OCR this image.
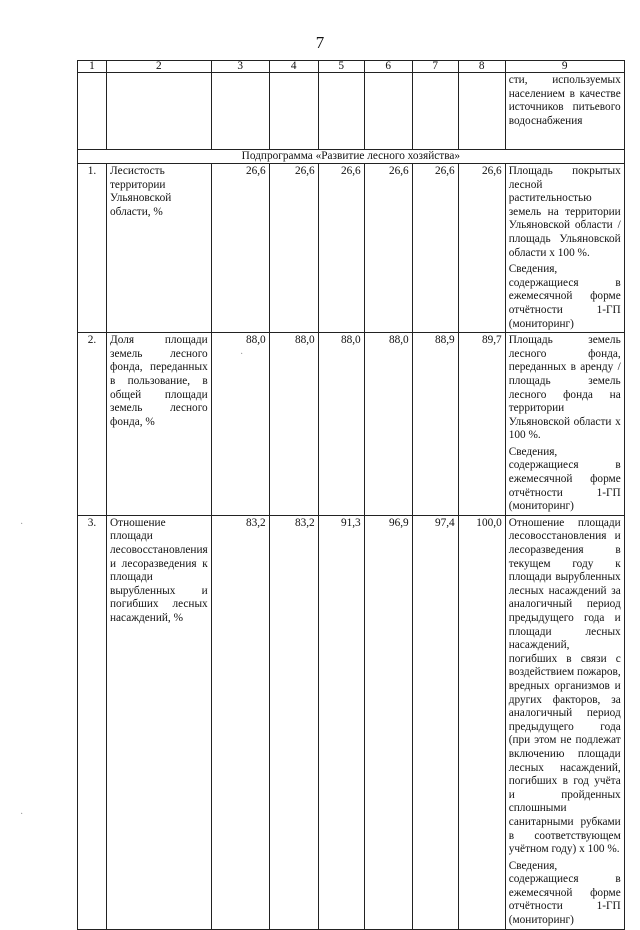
7
1	2	3	4	5	6	7	8	9
								сти, используемых населением в качестве источников питьевого водоснабжения
Подпрограмма «Развитие лесного хозяйства»								
1.	Лесистость территории Ульяновской области, %	26,6	26,6	26,6	26,6	26,6	26,6	Площадь покрытых лесной растительностью земель на территории Ульяновской области / площадь Ульяновской области х 100 %.

Сведения, содержащиеся в ежемесячной форме отчётности 1-ГП (мониторинг)

2.	Доля площади земель лесного фонда, переданных в пользование, в общей площади земель лесного фонда, %	88,0	88,0	88,0	88,0	88,9	89,7	Площадь земель лесного фонда, переданных в аренду / площадь земель лесного фонда на территории Ульяновской области х 100 %.

Сведения, содержащиеся в ежемесячной форме отчётности 1-ГП (мониторинг)

3.	Отношение площади лесовосстановления и лесоразведения к площади вырубленных и погибших лесных насаждений, %	83,2	83,2	91,3	96,9	97,4	100,0	Отношение площади лесовосстановления и лесоразведения в текущем году к площади вырубленных лесных насаждений за аналогичный период предыдущего года и площади лесных насаждений, погибших в связи с воздействием пожаров, вредных организмов и других факторов, за аналогичный период предыдущего года (при этом не подлежат включению площади лесных насаждений, погибших в год учёта и пройденных сплошными санитарными рубками в соответствующем учётном году) х 100 %.

Сведения, содержащиеся в ежемесячной форме отчётности 1-ГП (мониторинг)

·
·
·
